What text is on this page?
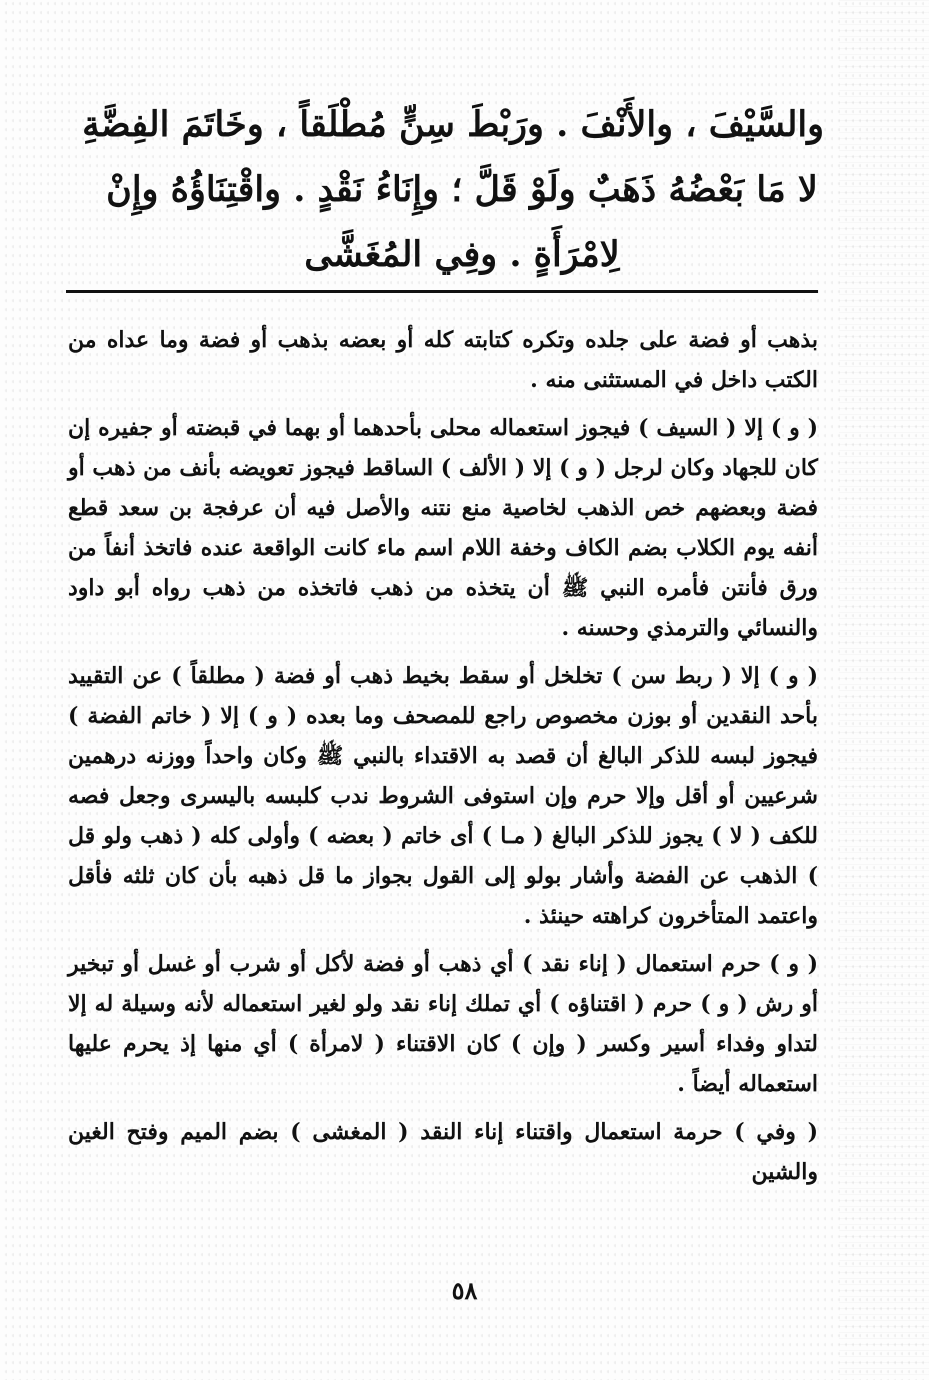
والسَّيْفَ ، والأَنْفَ . ورَبْطَ سِنٍّ مُطْلَقاً ، وخَاتَمَ الفِضَّةِ
لا مَا بَعْضُهُ ذَهَبٌ ولَوْ قَلَّ ؛ وإِنَاءُ نَقْدٍ . واقْتِنَاؤُهُ وإِنْ
لِامْرَأَةٍ . وفِي المُغَشَّى

بذهب أو فضة على جلده وتكره كتابته كله أو بعضه بذهب أو فضة وما عداه من الكتب داخل في المستثنى منه .

( و ) إلا ( السيف ) فيجوز استعماله محلى بأحدهما أو بهما في قبضته أو جفيره إن كان للجهاد وكان لرجل ( و ) إلا ( الألف ) الساقط فيجوز تعويضه بأنف من ذهب أو فضة وبعضهم خص الذهب لخاصية منع نتنه والأصل فيه أن عرفجة بن سعد قطع أنفه يوم الكلاب بضم الكاف وخفة اللام اسم ماء كانت الواقعة عنده فاتخذ أنفاً من ورق فأنتن فأمره النبي ﷺ أن يتخذه من ذهب فاتخذه من ذهب رواه أبو داود والنسائي والترمذي وحسنه .

( و ) إلا ( ربط سن ) تخلخل أو سقط بخيط ذهب أو فضة ( مطلقاً ) عن التقييد بأحد النقدين أو بوزن مخصوص راجع للمصحف وما بعده ( و ) إلا ( خاتم الفضة ) فيجوز لبسه للذكر البالغ أن قصد به الاقتداء بالنبي ﷺ وكان واحداً ووزنه درهمين شرعيين أو أقل وإلا حرم وإن استوفى الشروط ندب كلبسه باليسرى وجعل فصه للكف ( لا ) يجوز للذكر البالغ ( مـا ) أى خاتم ( بعضه ) وأولى كله ( ذهب ولو قل ) الذهب عن الفضة وأشار بولو إلى القول بجواز ما قل ذهبه بأن كان ثلثه فأقل واعتمد المتأخرون كراهته حينئذ .

( و ) حرم استعمال ( إناء نقد ) أي ذهب أو فضة لأكل أو شرب أو غسل أو تبخير أو رش ( و ) حرم ( اقتناؤه ) أي تملك إناء نقد ولو لغير استعماله لأنه وسيلة له إلا لتداو وفداء أسير وكسر ( وإن ) كان الاقتناء ( لامرأة ) أي منها إذ يحرم عليها استعماله أيضاً .

( وفي ) حرمة استعمال واقتناء إناء النقد ( المغشى ) بضم الميم وفتح الغين والشين

٥٨
